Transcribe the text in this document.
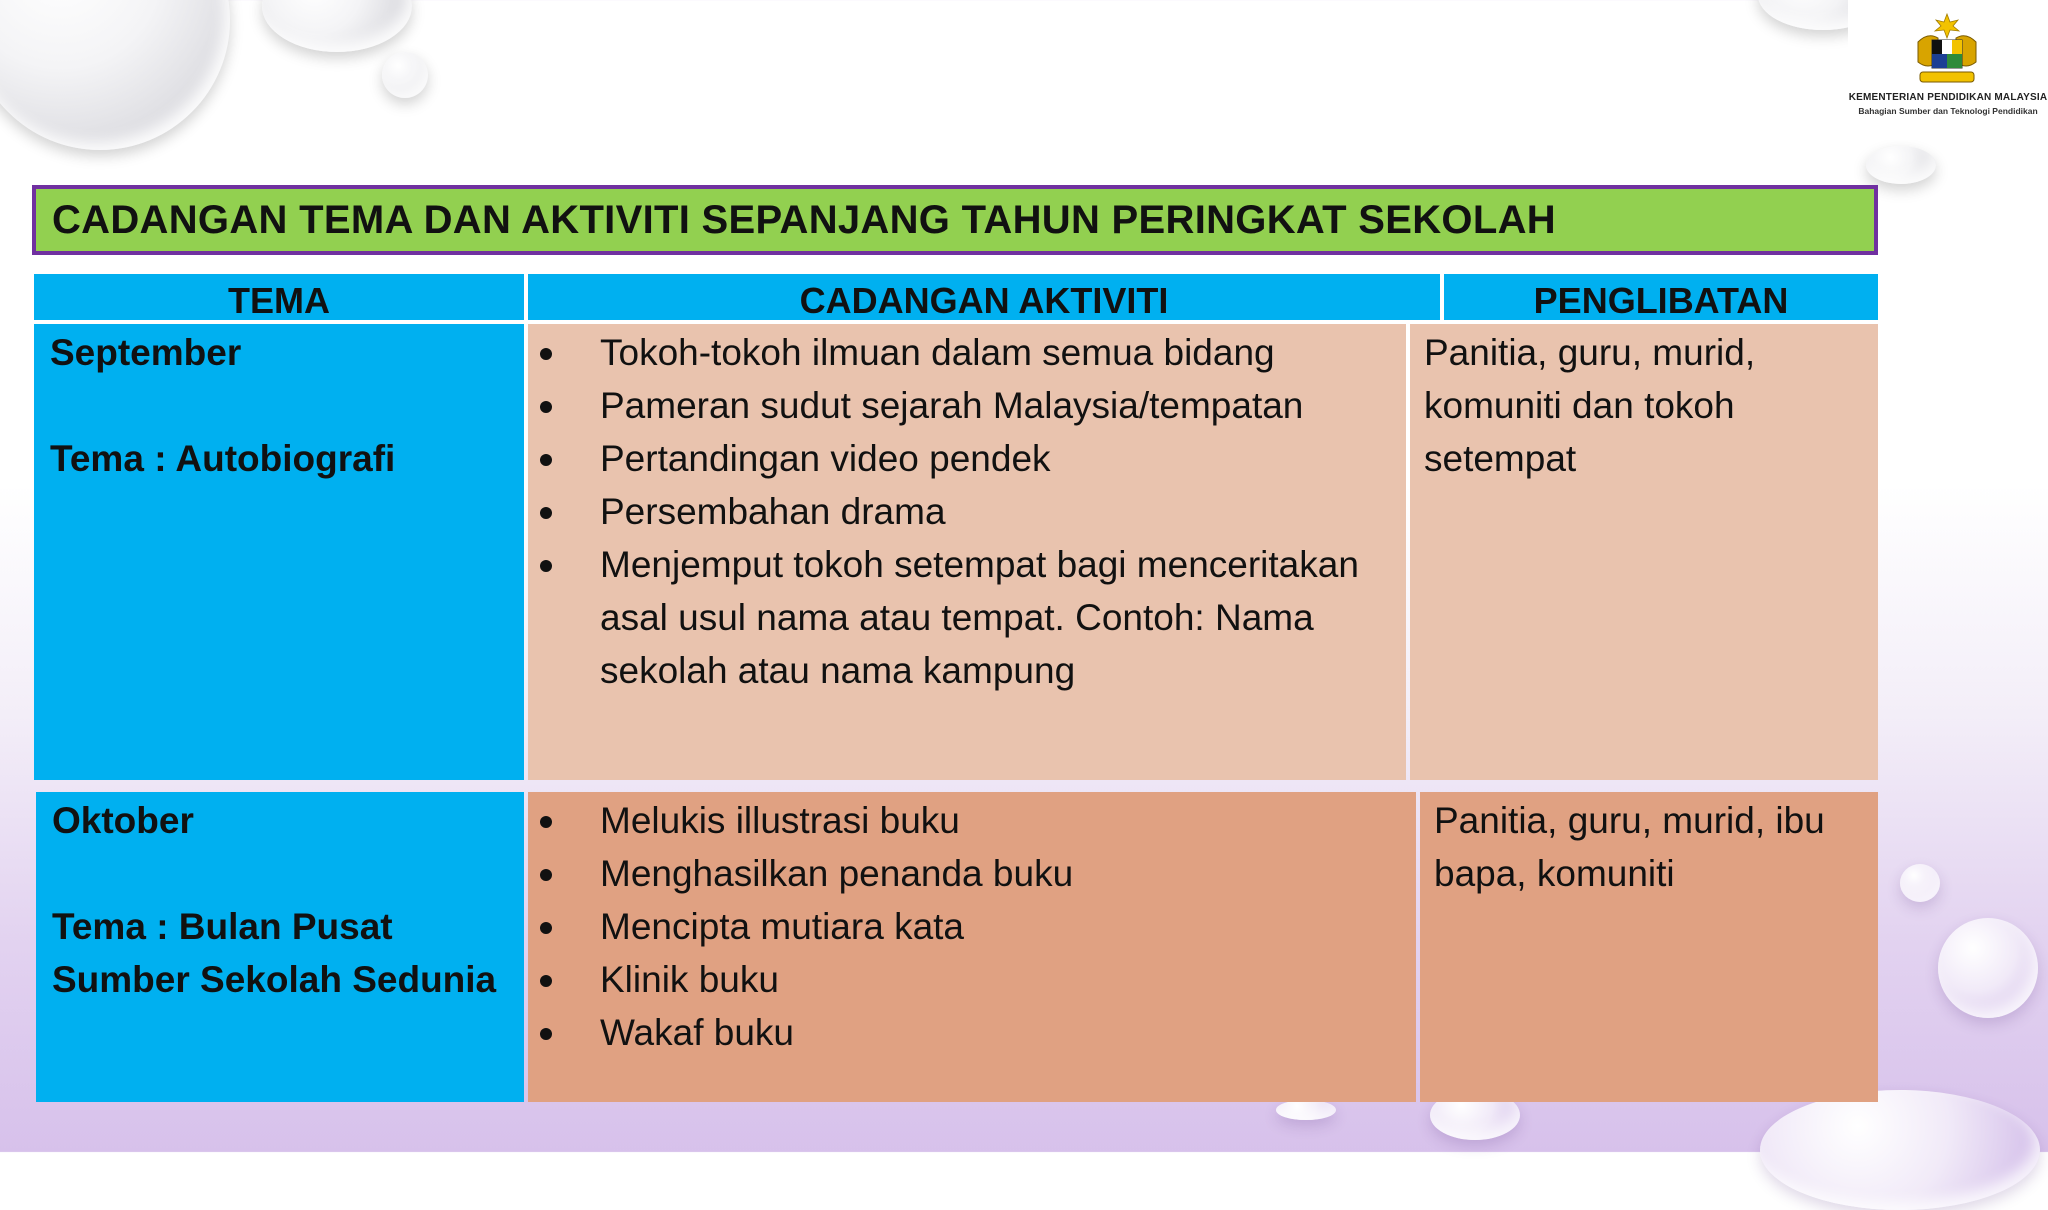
KEMENTERIAN PENDIDIKAN MALAYSIA
Bahagian Sumber dan Teknologi Pendidikan
CADANGAN TEMA DAN AKTIVITI SEPANJANG TAHUN PERINGKAT SEKOLAH
TEMA	CADANGAN AKTIVITI	PENGLIBATAN
September
Tema : Autobiografi
Tokoh-tokoh ilmuan dalam semua bidang
Pameran sudut sejarah Malaysia/tempatan
Pertandingan video pendek
Persembahan drama
Menjemput tokoh setempat bagi menceritakan asal usul nama atau tempat. Contoh: Nama sekolah atau nama kampung
Panitia, guru, murid, komuniti dan tokoh setempat
Oktober
Tema : Bulan Pusat Sumber Sekolah Sedunia
Melukis illustrasi buku
Menghasilkan penanda buku
Mencipta mutiara kata
Klinik buku
Wakaf buku
Panitia, guru, murid, ibu bapa, komuniti
